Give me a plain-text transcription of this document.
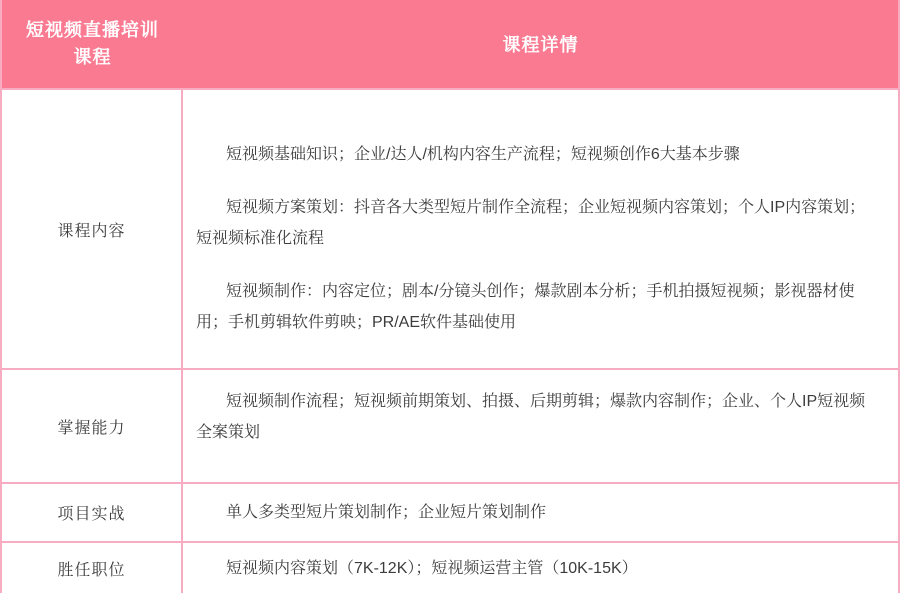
短视频直播培训
课程
课程详情
课程内容

短视频基础知识；企业/达人/机构内容生产流程；短视频创作6大基本步骤

短视频方案策划：抖音各大类型短片制作全流程；企业短视频内容策划；个人IP内容策划；短视频标准化流程

短视频制作：内容定位；剧本/分镜头创作；爆款剧本分析；手机拍摄短视频；影视器材使用；手机剪辑软件剪映；PR/AE软件基础使用

掌握能力

短视频制作流程；短视频前期策划、拍摄、后期剪辑；爆款内容制作；企业、个人IP短视频全案策划

项目实战	单人多类型短片策划制作；企业短片策划制作

胜任职位	短视频内容策划（7K-12K）；短视频运营主管（10K-15K）
